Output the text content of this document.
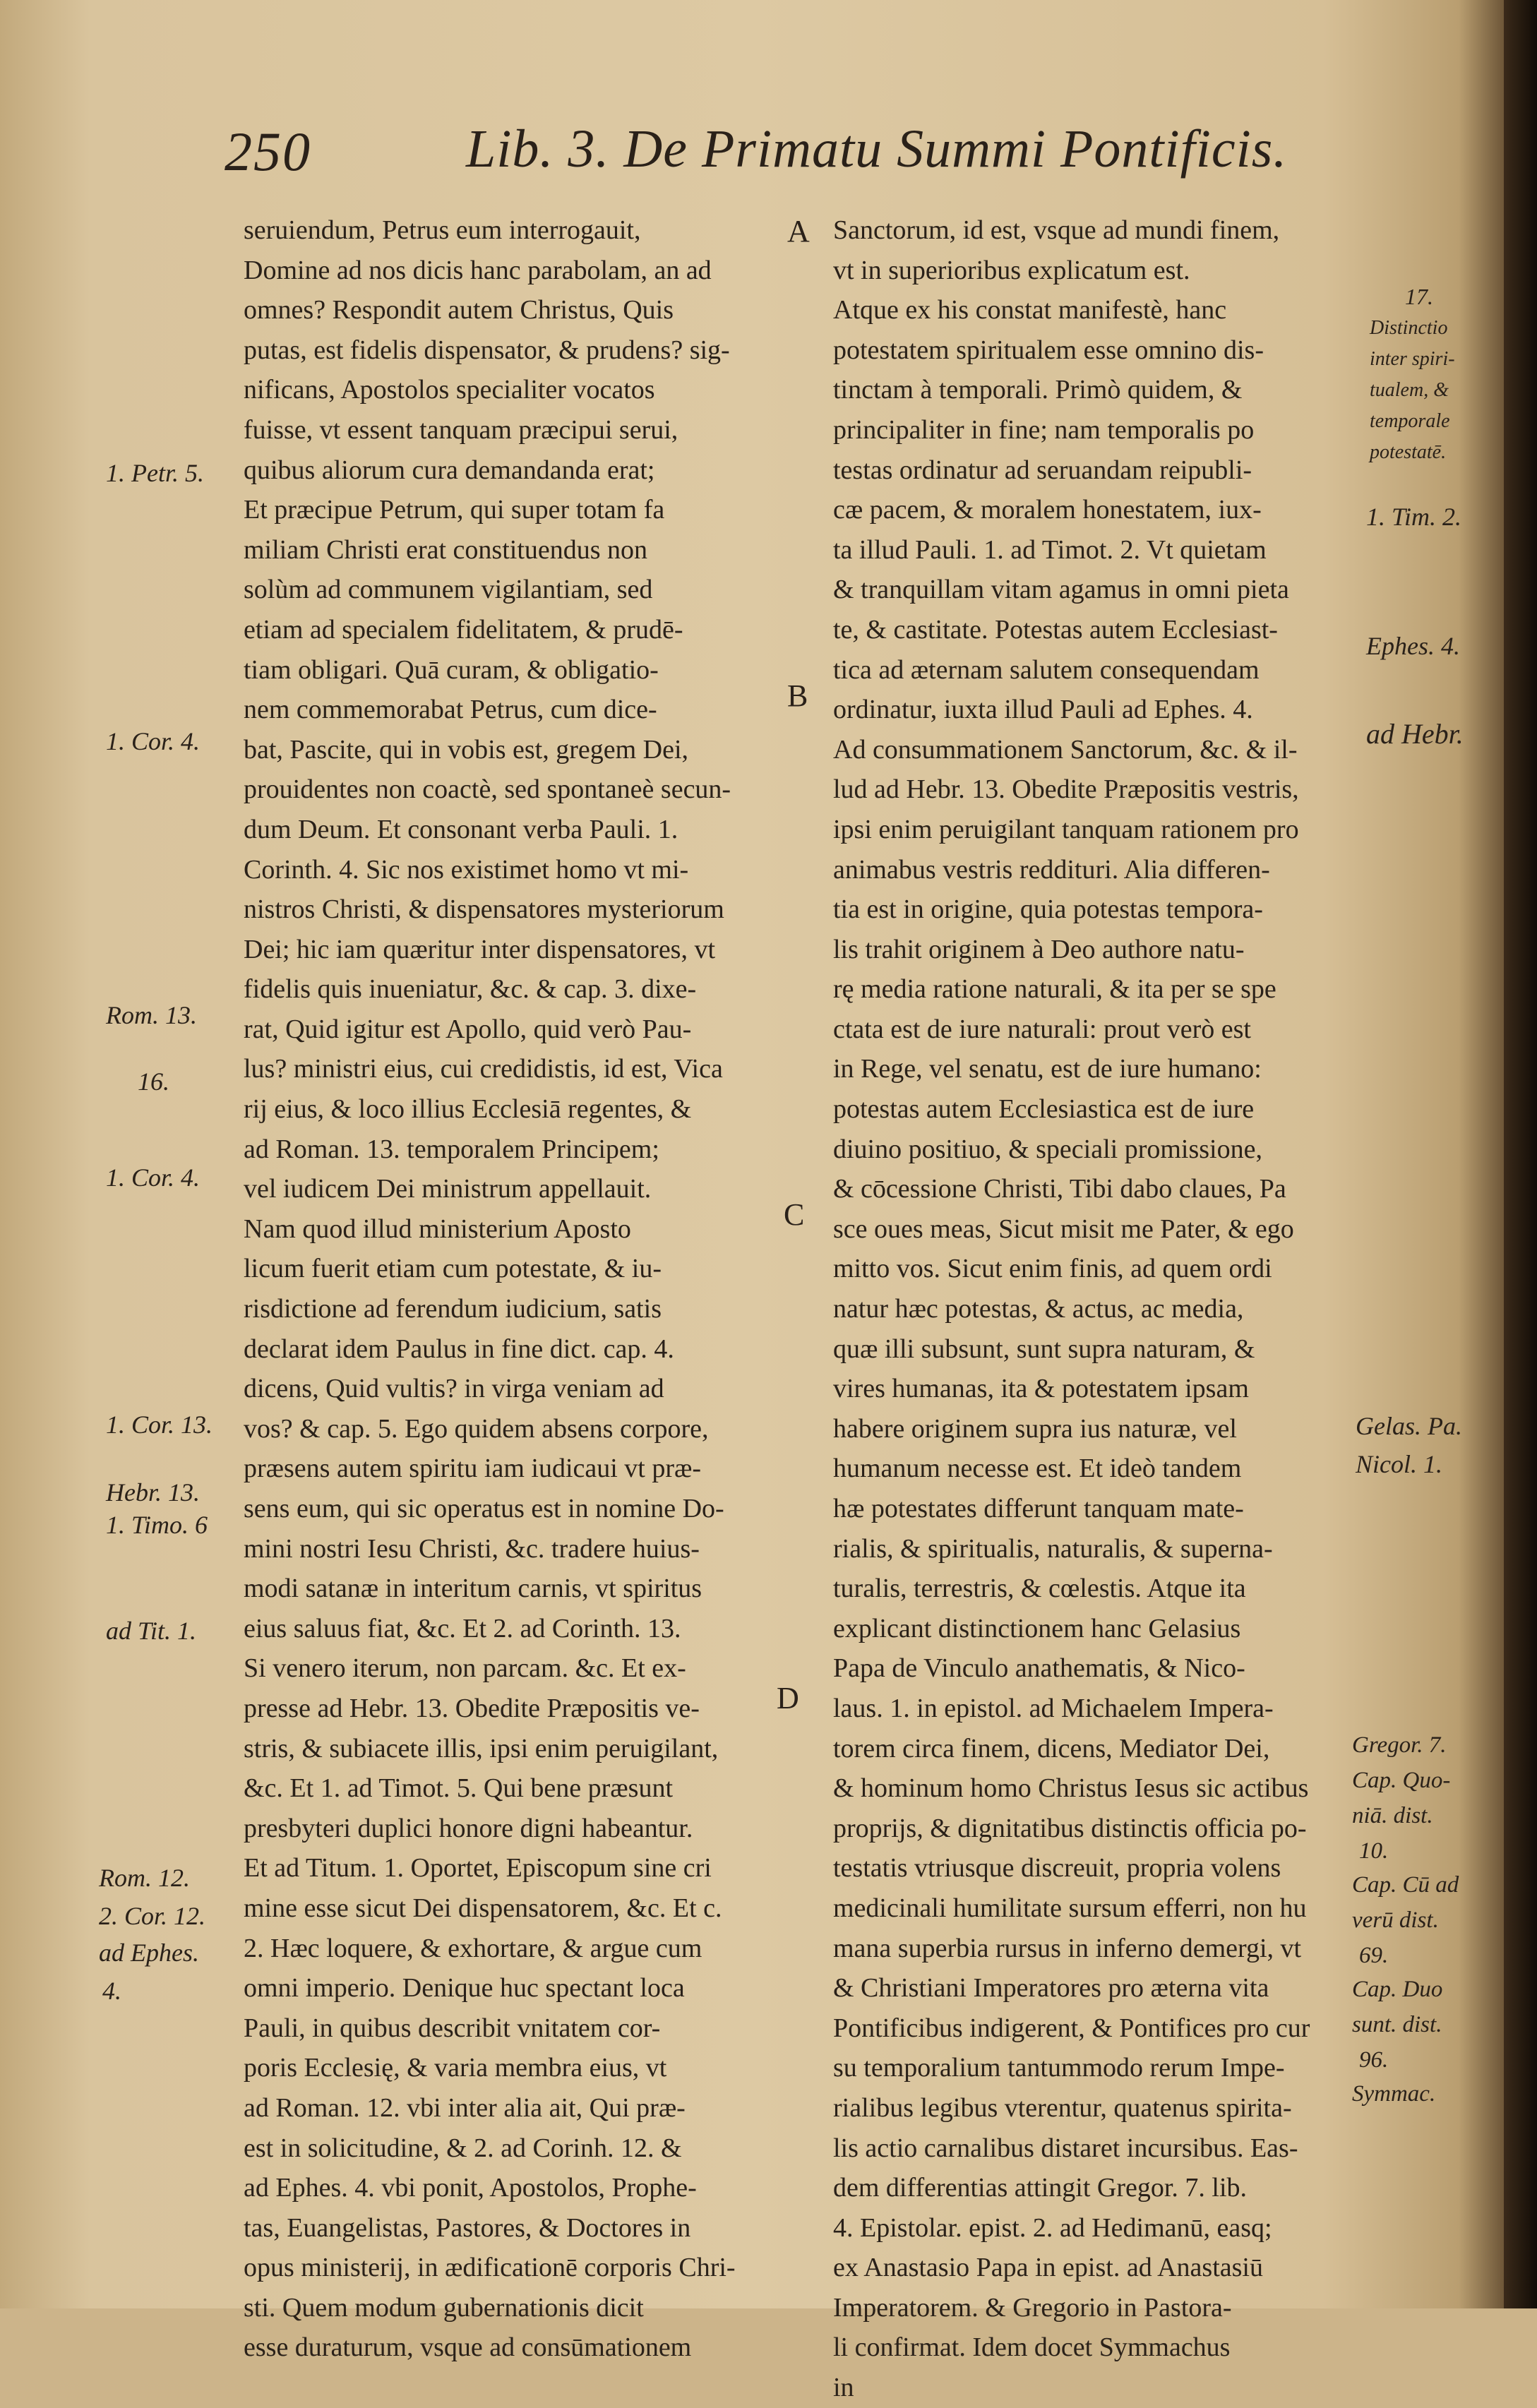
250	Lib. 3. De Primatu Summi Pontificis.
seruiendum, Petrus eum interrogauit,
Domine ad nos dicis hanc parabolam, an ad
omnes? Respondit autem Christus, Quis
putas, est fidelis dispensator, & prudens? sig-
nificans, Apostolos specialiter vocatos
fuisse, vt essent tanquam præcipui serui,
quibus aliorum cura demandanda erat;
Et præcipue Petrum, qui super totam fa
miliam Christi erat constituendus non
solùm ad communem vigilantiam, sed
etiam ad specialem fidelitatem, & prudē-
tiam obligari. Quā curam, & obligatio-
nem commemorabat Petrus, cum dice-
bat, Pascite, qui in vobis est, gregem Dei,
prouidentes non coactè, sed spontaneè secun-
dum Deum. Et consonant verba Pauli. 1.
Corinth. 4. Sic nos existimet homo vt mi-
nistros Christi, & dispensatores mysteriorum
Dei; hic iam quæritur inter dispensatores, vt
fidelis quis inueniatur, &c. & cap. 3. dixe-
rat, Quid igitur est Apollo, quid verò Pau-
lus? ministri eius, cui credidistis, id est, Vica
rij eius, & loco illius Ecclesiā regentes, &
ad Roman. 13. temporalem Principem;
vel iudicem Dei ministrum appellauit.
Nam quod illud ministerium Aposto
licum fuerit etiam cum potestate, & iu-
risdictione ad ferendum iudicium, satis
declarat idem Paulus in fine dict. cap. 4.
dicens, Quid vultis? in virga veniam ad
vos? & cap. 5. Ego quidem absens corpore,
præsens autem spiritu iam iudicaui vt præ-
sens eum, qui sic operatus est in nomine Do-
mini nostri Iesu Christi, &c. tradere huius-
modi satanæ in interitum carnis, vt spiritus
eius saluus fiat, &c. Et 2. ad Corinth. 13.
Si venero iterum, non parcam. &c. Et ex-
presse ad Hebr. 13. Obedite Præpositis ve-
stris, & subiacete illis, ipsi enim peruigilant,
&c. Et 1. ad Timot. 5. Qui bene præsunt
presbyteri duplici honore digni habeantur.
Et ad Titum. 1. Oportet, Episcopum sine cri
mine esse sicut Dei dispensatorem, &c. Et c.
2. Hæc loquere, & exhortare, & argue cum
omni imperio. Denique huc spectant loca
Pauli, in quibus describit vnitatem cor-
poris Ecclesię, & varia membra eius, vt
ad Roman. 12. vbi inter alia ait, Qui præ-
est in solicitudine, & 2. ad Corinh. 12. &
ad Ephes. 4. vbi ponit, Apostolos, Prophe-
tas, Euangelistas, Pastores, & Doctores in
opus ministerij, in ædificationē corporis Chri-
sti. Quem modum gubernationis dicit
esse duraturum, vsque ad consūmationem
Sanctorum, id est, vsque ad mundi finem,
vt in superioribus explicatum est.
Atque ex his constat manifestè, hanc
potestatem spiritualem esse omnino dis-
tinctam à temporali. Primò quidem, &
principaliter in fine; nam temporalis po
testas ordinatur ad seruandam reipubli-
cæ pacem, & moralem honestatem, iux-
ta illud Pauli. 1. ad Timot. 2. Vt quietam
& tranquillam vitam agamus in omni pieta
te, & castitate. Potestas autem Ecclesiast-
tica ad æternam salutem consequendam
ordinatur, iuxta illud Pauli ad Ephes. 4.
Ad consummationem Sanctorum, &c. & il-
lud ad Hebr. 13. Obedite Præpositis vestris,
ipsi enim peruigilant tanquam rationem pro
animabus vestris reddituri. Alia differen-
tia est in origine, quia potestas tempora-
lis trahit originem à Deo authore natu-
rę media ratione naturali, & ita per se spe
ctata est de iure naturali: prout verò est
in Rege, vel senatu, est de iure humano:
potestas autem Ecclesiastica est de iure
diuino positiuo, & speciali promissione,
& cōcessione Christi, Tibi dabo claues, Pa
sce oues meas, Sicut misit me Pater, & ego
mitto vos. Sicut enim finis, ad quem ordi
natur hæc potestas, & actus, ac media,
quæ illi subsunt, sunt supra naturam, &
vires humanas, ita & potestatem ipsam
habere originem supra ius naturæ, vel
humanum necesse est. Et ideò tandem
hæ potestates differunt tanquam mate-
rialis, & spiritualis, naturalis, & superna-
turalis, terrestris, & cœlestis. Atque ita
explicant distinctionem hanc Gelasius
Papa de Vinculo anathematis, & Nico-
laus. 1. in epistol. ad Michaelem Impera-
torem circa finem, dicens, Mediator Dei,
& hominum homo Christus Iesus sic actibus
proprijs, & dignitatibus distinctis officia po-
testatis vtriusque discreuit, propria volens
medicinali humilitate sursum efferri, non hu
mana superbia rursus in inferno demergi, vt
& Christiani Imperatores pro æterna vita
Pontificibus indigerent, & Pontifices pro cur
su temporalium tantummodo rerum Impe-
rialibus legibus vterentur, quatenus spirita-
lis actio carnalibus distaret incursibus. Eas-
dem differentias attingit Gregor. 7. lib.
4. Epistolar. epist. 2. ad Hedimanū, easq;
ex Anastasio Papa in epist. ad Anastasiū
Imperatorem. & Gregorio in Pastora-
li confirmat. Idem docet Symmachus
in
A
B
C
D
1. Petr. 5.
1. Cor. 4.
Rom. 13.
16.
1. Cor. 4.
1. Cor. 13.
Hebr. 13.
1. Timo. 6
ad Tit. 1.
Rom. 12.
2. Cor. 12.
ad Ephes.
4.
17.
Distinctio
inter spiri-
tualem, &
temporale
potestatē.
1. Tim. 2.
Ephes. 4.
ad Hebr.
Gelas. Pa.
Nicol. 1.
Gregor. 7.
Cap. Quo-
niā. dist.
10.
Cap. Cū ad
verū dist.
69.
Cap. Duo
sunt. dist.
96.
Symmac.
